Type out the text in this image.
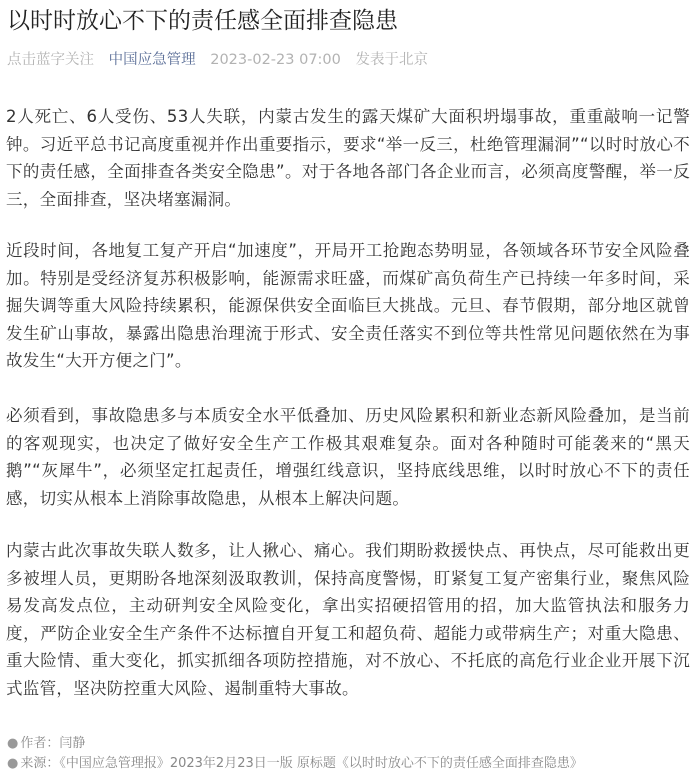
以时时放心不下的责任感全面排查隐患
点击蓝字关注 中国应急管理 2023-02-23 07:00 发表于北京

2人死亡、6人受伤、53人失联，内蒙古发生的露天煤矿大面积坍塌事故，重重敲响一记警钟。习近平总书记高度重视并作出重要指示，要求“举一反三，杜绝管理漏洞”“以时时放心不下的责任感，全面排查各类安全隐患”。对于各地各部门各企业而言，必须高度警醒，举一反三，全面排查，坚决堵塞漏洞。

近段时间，各地复工复产开启“加速度”，开局开工抢跑态势明显，各领域各环节安全风险叠加。特别是受经济复苏积极影响，能源需求旺盛，而煤矿高负荷生产已持续一年多时间，采掘失调等重大风险持续累积，能源保供安全面临巨大挑战。元旦、春节假期，部分地区就曾发生矿山事故，暴露出隐患治理流于形式、安全责任落实不到位等共性常见问题依然在为事故发生“大开方便之门”。

必须看到，事故隐患多与本质安全水平低叠加、历史风险累积和新业态新风险叠加，是当前的客观现实，也决定了做好安全生产工作极其艰难复杂。面对各种随时可能袭来的“黑天鹅”“灰犀牛”，必须坚定扛起责任，增强红线意识，坚持底线思维，以时时放心不下的责任感，切实从根本上消除事故隐患，从根本上解决问题。

内蒙古此次事故失联人数多，让人揪心、痛心。我们期盼救援快点、再快点，尽可能救出更多被埋人员，更期盼各地深刻汲取教训，保持高度警惕，盯紧复工复产密集行业，聚焦风险易发高发点位，主动研判安全风险变化，拿出实招硬招管用的招，加大监管执法和服务力度，严防企业安全生产条件不达标擅自开复工和超负荷、超能力或带病生产；对重大隐患、重大险情、重大变化，抓实抓细各项防控措施，对不放心、不托底的高危行业企业开展下沉式监管，坚决防控重大风险、遏制重特大事故。

● 作者：闫静
● 来源：《中国应急管理报》2023年2月23日一版 原标题《以时时放心不下的责任感全面排查隐患》
